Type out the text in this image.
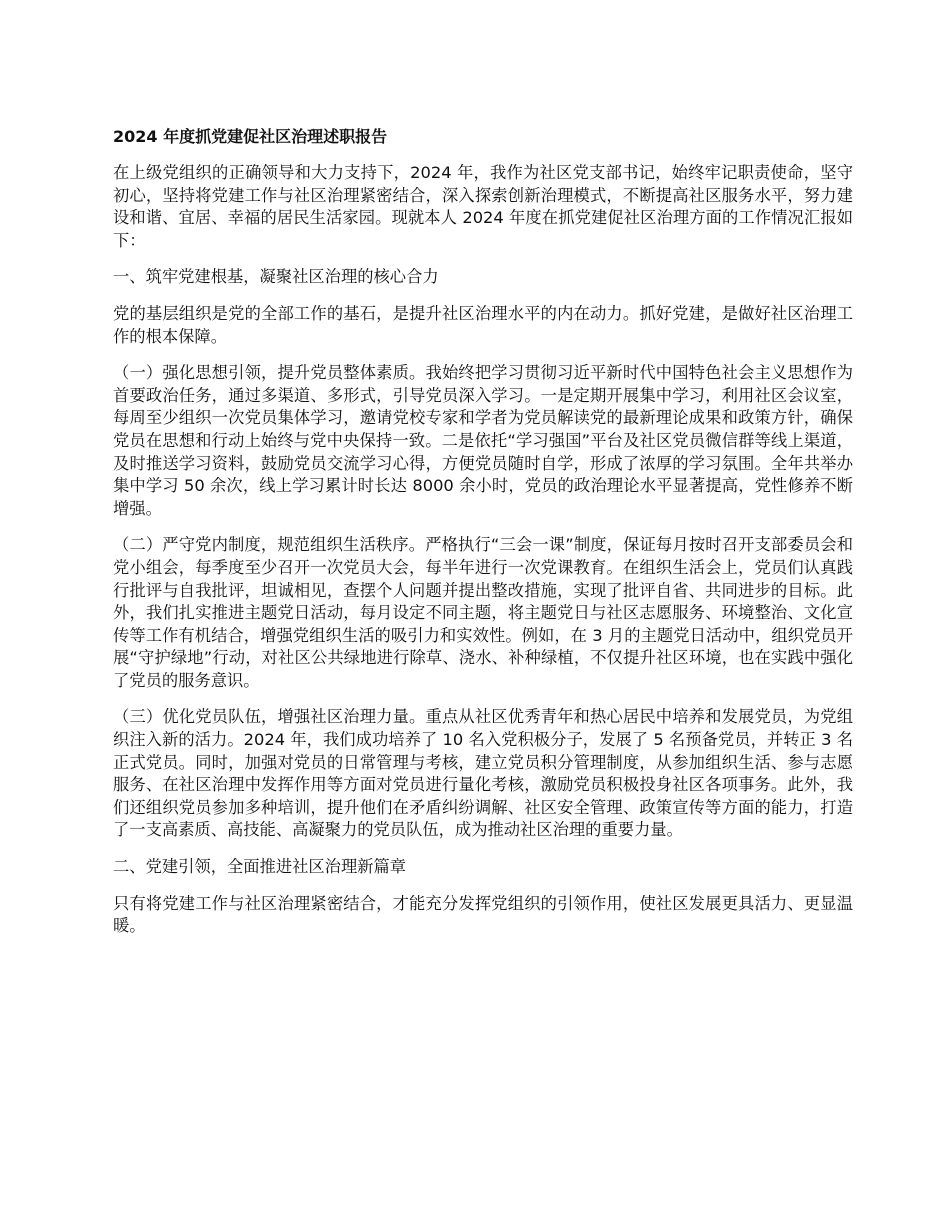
2024 年度抓党建促社区治理述职报告

在上级党组织的正确领导和大力支持下，2024 年，我作为社区党支部书记，始终牢记职责使命，坚守初心，坚持将党建工作与社区治理紧密结合，深入探索创新治理模式，不断提高社区服务水平，努力建设和谐、宜居、幸福的居民生活家园。现就本人 2024 年度在抓党建促社区治理方面的工作情况汇报如下：

一、筑牢党建根基，凝聚社区治理的核心合力

党的基层组织是党的全部工作的基石，是提升社区治理水平的内在动力。抓好党建，是做好社区治理工作的根本保障。

（一）强化思想引领，提升党员整体素质。我始终把学习贯彻习近平新时代中国特色社会主义思想作为首要政治任务，通过多渠道、多形式，引导党员深入学习。一是定期开展集中学习，利用社区会议室，每周至少组织一次党员集体学习，邀请党校专家和学者为党员解读党的最新理论成果和政策方针，确保党员在思想和行动上始终与党中央保持一致。二是依托“学习强国”平台及社区党员微信群等线上渠道，及时推送学习资料，鼓励党员交流学习心得，方便党员随时自学，形成了浓厚的学习氛围。全年共举办集中学习 50 余次，线上学习累计时长达 8000 余小时，党员的政治理论水平显著提高，党性修养不断增强。

（二）严守党内制度，规范组织生活秩序。严格执行“三会一课”制度，保证每月按时召开支部委员会和党小组会，每季度至少召开一次党员大会，每半年进行一次党课教育。在组织生活会上，党员们认真践行批评与自我批评，坦诚相见，查摆个人问题并提出整改措施，实现了批评自省、共同进步的目标。此外，我们扎实推进主题党日活动，每月设定不同主题，将主题党日与社区志愿服务、环境整治、文化宣传等工作有机结合，增强党组织生活的吸引力和实效性。例如，在 3 月的主题党日活动中，组织党员开展“守护绿地”行动，对社区公共绿地进行除草、浇水、补种绿植，不仅提升社区环境，也在实践中强化了党员的服务意识。

（三）优化党员队伍，增强社区治理力量。重点从社区优秀青年和热心居民中培养和发展党员，为党组织注入新的活力。2024 年，我们成功培养了 10 名入党积极分子，发展了 5 名预备党员，并转正 3 名正式党员。同时，加强对党员的日常管理与考核，建立党员积分管理制度，从参加组织生活、参与志愿服务、在社区治理中发挥作用等方面对党员进行量化考核，激励党员积极投身社区各项事务。此外，我们还组织党员参加多种培训，提升他们在矛盾纠纷调解、社区安全管理、政策宣传等方面的能力，打造了一支高素质、高技能、高凝聚力的党员队伍，成为推动社区治理的重要力量。

二、党建引领，全面推进社区治理新篇章

只有将党建工作与社区治理紧密结合，才能充分发挥党组织的引领作用，使社区发展更具活力、更显温暖。
